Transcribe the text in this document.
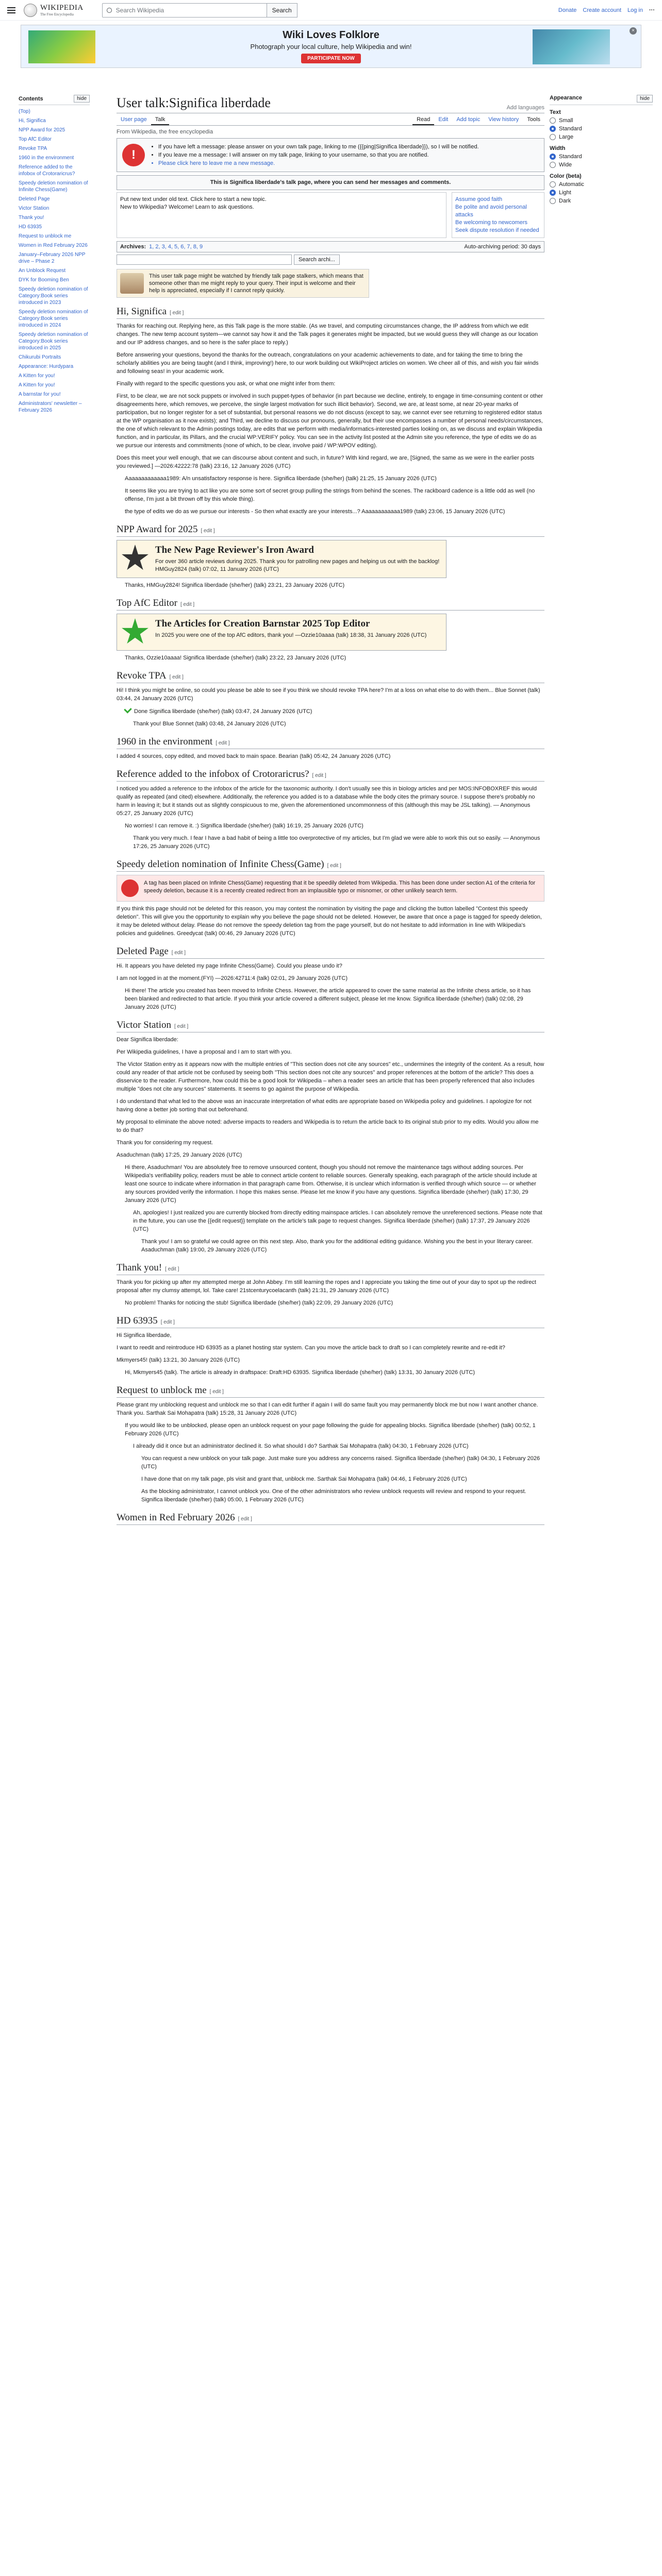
WIKIPEDIA
The Free Encyclopedia
Search Wikipedia	Search	Donate Create account Log in ···
Wiki Loves Folklore

Photograph your local culture, help Wikipedia and win!

PARTICIPATE NOW
×
Contents	hide
(Top)
Hi, Significa
NPP Award for 2025
Top AfC Editor
Revoke TPA
1960 in the environment
Reference added to the infobox of Crotoraricrus?
Speedy deletion nomination of Infinite Chess(Game)
Deleted Page
Victor Station
Thank you!
HD 63935
Request to unblock me
Women in Red February 2026
January–February 2026 NPP drive – Phase 2
An Unblock Request
DYK for Booming Ben
Speedy deletion nomination of Category:Book series introduced in 2023
Speedy deletion nomination of Category:Book series introduced in 2024
Speedy deletion nomination of Category:Book series introduced in 2025
Chikurubi Portraits
Appearance: Hurdypara
A Kitten for you!
A Kitten for you!
A barnstar for you!
Administrators' newsletter – February 2026
Appearance	hide
Text
Small
Standard
Large
Width
Standard
Wide
Color (beta)
Automatic
Light
Dark
User talk:Significa liberdade	Add languages
User page	Talk	Read	Edit	Add topic	View history	Tools
From Wikipedia, the free encyclopedia
!
• If you have left a message: please answer on your own talk page, linking to me ({{ping|Significa liberdade}}), so I will be notified.
• If you leave me a message: I will answer on my talk page, linking to your username, so that you are notified.
• Please click here to leave me a new message.
This is Significa liberdade's talk page, where you can send her messages and comments.
Put new text under old text. Click here to start a new topic.
New to Wikipedia? Welcome! Learn to ask questions.
Assume good faith
Be polite and avoid personal attacks
Be welcoming to newcomers
Seek dispute resolution if needed
Archives: 1, 2, 3, 4, 5, 6, 7, 8, 9	Auto-archiving period: 30 days
Search archi...
This user talk page might be watched by friendly talk page stalkers, which means that someone other than me might reply to your query. Their input is welcome and their help is appreciated, especially if I cannot reply quickly.
Hi, Significa [ edit ]

Thanks for reaching out. Replying here, as this Talk page is the more stable. (As we travel, and computing circumstances change, the IP address from which we edit changes. The new temp account system—we cannot say how it and the Talk pages it generates might be impacted, but we would guess they will change as our location and our IP address changes, and so here is the safer place to reply.)

Before answering your questions, beyond the thanks for the outreach, congratulations on your academic achievements to date, and for taking the time to bring the scholarly abilities you are being taught (and I think, improving!) here, to our work building out WikiProject articles on women. We cheer all of this, and wish you fair winds and following seas! in your academic work.

Finally with regard to the specific questions you ask, or what one might infer from them:

First, to be clear, we are not sock puppets or involved in such puppet-types of behavior (in part because we decline, entirely, to engage in time-consuming content or other disagreements here, which removes, we perceive, the single largest motivation for such illicit behavior). Second, we are, at least some, at near 20-year marks of participation, but no longer register for a set of substantial, but personal reasons we do not discuss (except to say, we cannot ever see returning to registered editor status at the WP organisation as it now exists); and Third, we decline to discuss our pronouns, generally, but their use encompasses a number of personal needs/circumstances, the one of which relevant to the Admin postings today, are edits that we perform with media/informatics-interested parties looking on, as we discuss and explain Wikipedia function, and in particular, its Pillars, and the crucial WP:VERIFY policy. You can see in the activity list posted at the Admin site you reference, the type of edits we do as we pursue our interests and commitments (none of which, to be clear, involve paid / WP:WPOV editing).

Does this meet your well enough, that we can discourse about content and such, in future? With kind regard, we are, [Signed, the same as we were in the earlier posts you reviewed.] —2026:42222:78 (talk) 23:16, 12 January 2026 (UTC)

Aaaaaaaaaaaaa1989: A/n unsatisfactory response is here. Significa liberdade (she/her) (talk) 21:25, 15 January 2026 (UTC)

It seems like you are trying to act like you are some sort of secret group pulling the strings from behind the scenes. The rackboard cadence is a little odd as well (no offense, I'm just a bit thrown off by this whole thing).

the type of edits we do as we pursue our interests - So then what exactly are your interests...? Aaaaaaaaaaaa1989 (talk) 23:06, 15 January 2026 (UTC)

NPP Award for 2025 [ edit ]
The New Page Reviewer's Iron Award

For over 360 article reviews during 2025. Thank you for patrolling new pages and helping us out with the backlog! HMGuy2824 (talk) 07:02, 11 January 2026 (UTC)

Thanks, HMGuy2824! Significa liberdade (she/her) (talk) 23:21, 23 January 2026 (UTC)

Top AfC Editor [ edit ]
The Articles for Creation Barnstar 2025 Top Editor

In 2025 you were one of the top AfC editors, thank you! —Ozzie10aaaa (talk) 18:38, 31 January 2026 (UTC)

Thanks, Ozzie10aaaa! Significa liberdade (she/her) (talk) 23:22, 23 January 2026 (UTC)

Revoke TPA [ edit ]

Hi! I think you might be online, so could you please be able to see if you think we should revoke TPA here? I'm at a loss on what else to do with them... Blue Sonnet (talk) 03:44, 24 January 2026 (UTC)

Done Significa liberdade (she/her) (talk) 03:47, 24 January 2026 (UTC)

Thank you! Blue Sonnet (talk) 03:48, 24 January 2026 (UTC)

1960 in the environment [ edit ]

I added 4 sources, copy edited, and moved back to main space. Bearian (talk) 05:42, 24 January 2026 (UTC)

Reference added to the infobox of Crotoraricrus? [ edit ]

I noticed you added a reference to the infobox of the article for the taxonomic authority. I don't usually see this in biology articles and per MOS:INFOBOXREF this would qualify as repeated (and cited) elsewhere. Additionally, the reference you added is to a database while the body cites the primary source. I suppose there's probably no harm in leaving it; but it stands out as slightly conspicuous to me, given the aforementioned uncommonness of this (although this may be JSL talking). — Anonymous 05:27, 25 January 2026 (UTC)

No worries! I can remove it. :) Significa liberdade (she/her) (talk) 16:19, 25 January 2026 (UTC)

Thank you very much. I fear I have a bad habit of being a little too overprotective of my articles, but I'm glad we were able to work this out so easily. — Anonymous 17:26, 25 January 2026 (UTC)

Speedy deletion nomination of Infinite Chess(Game) [ edit ]
A tag has been placed on Infinite Chess(Game) requesting that it be speedily deleted from Wikipedia. This has been done under section A1 of the criteria for speedy deletion, because it is a recently created redirect from an implausible typo or misnomer, or other unlikely search term.

If you think this page should not be deleted for this reason, you may contest the nomination by visiting the page and clicking the button labelled "Contest this speedy deletion". This will give you the opportunity to explain why you believe the page should not be deleted. However, be aware that once a page is tagged for speedy deletion, it may be deleted without delay. Please do not remove the speedy deletion tag from the page yourself, but do not hesitate to add information in line with Wikipedia's policies and guidelines. Greedycat (talk) 00:46, 29 January 2026 (UTC)

Deleted Page [ edit ]

Hi. It appears you have deleted my page Infinite Chess(Game). Could you please undo it?

I am not logged in at the moment.(FYI) —2026:42711:4 (talk) 02:01, 29 January 2026 (UTC)

Hi there! The article you created has been moved to Infinite Chess. However, the article appeared to cover the same material as the Infinite chess article, so it has been blanked and redirected to that article. If you think your article covered a different subject, please let me know. Significa liberdade (she/her) (talk) 02:08, 29 January 2026 (UTC)

Victor Station [ edit ]

Dear Significa liberdade:

Per Wikipedia guidelines, I have a proposal and I am to start with you.

The Victor Station entry as it appears now with the multiple entries of "This section does not cite any sources" etc., undermines the integrity of the content. As a result, how could any reader of that article not be confused by seeing both "This section does not cite any sources" and proper references at the bottom of the article? This does a disservice to the reader. Furthermore, how could this be a good look for Wikipedia – when a reader sees an article that has been properly referenced that also includes multiple "does not cite any sources" statements. It seems to go against the purpose of Wikipedia.

I do understand that what led to the above was an inaccurate interpretation of what edits are appropriate based on Wikipedia policy and guidelines. I apologize for not having done a better job sorting that out beforehand.

My proposal to eliminate the above noted: adverse impacts to readers and Wikipedia is to return the article back to its original stub prior to my edits. Would you allow me to do that?

Thank you for considering my request.

Asaduchman (talk) 17:25, 29 January 2026 (UTC)

Hi there, Asaduchman! You are absolutely free to remove unsourced content, though you should not remove the maintenance tags without adding sources. Per Wikipedia's verifiability policy, readers must be able to connect article content to reliable sources. Generally speaking, each paragraph of the article should include at least one source to indicate where information in that paragraph came from. Otherwise, it is unclear which information is verified through which source — or whether any sources provided verify the information. I hope this makes sense. Please let me know if you have any questions. Significa liberdade (she/her) (talk) 17:30, 29 January 2026 (UTC)

Ah, apologies! I just realized you are currently blocked from directly editing mainspace articles. I can absolutely remove the unreferenced sections. Please note that in the future, you can use the {{edit request}} template on the article's talk page to request changes. Significa liberdade (she/her) (talk) 17:37, 29 January 2026 (UTC)

Thank you! I am so grateful we could agree on this next step. Also, thank you for the additional editing guidance. Wishing you the best in your literary career. Asaduchman (talk) 19:00, 29 January 2026 (UTC)

Thank you! [ edit ]

Thank you for picking up after my attempted merge at John Abbey. I'm still learning the ropes and I appreciate you taking the time out of your day to spot up the redirect proposal after my clumsy attempt, lol. Take care! 21stcenturycoelacanth (talk) 21:31, 29 January 2026 (UTC)

No problem! Thanks for noticing the stub! Significa liberdade (she/her) (talk) 22:09, 29 January 2026 (UTC)

HD 63935 [ edit ]

Hi Significa liberdade,

I want to reedit and reintroduce HD 63935 as a planet hosting star system. Can you move the article back to draft so I can completely rewrite and re-edit it?

Mkmyers45! (talk) 13:21, 30 January 2026 (UTC)

Hi, Mkmyers45 (talk). The article is already in draftspace: Draft:HD 63935. Significa liberdade (she/her) (talk) 13:31, 30 January 2026 (UTC)

Request to unblock me [ edit ]

Please grant my unblocking request and unblock me so that I can edit further if again I will do same fault you may permanently block me but now I want another chance. Thank you. Sarthak Sai Mohapatra (talk) 15:28, 31 January 2026 (UTC)

If you would like to be unblocked, please open an unblock request on your page following the guide for appealing blocks. Significa liberdade (she/her) (talk) 00:52, 1 February 2026 (UTC)

I already did it once but an administrator declined it. So what should I do? Sarthak Sai Mohapatra (talk) 04:30, 1 February 2026 (UTC)

You can request a new unblock on your talk page. Just make sure you address any concerns raised. Significa liberdade (she/her) (talk) 04:30, 1 February 2026 (UTC)

I have done that on my talk page, pls visit and grant that, unblock me. Sarthak Sai Mohapatra (talk) 04:46, 1 February 2026 (UTC)

As the blocking administrator, I cannot unblock you. One of the other administrators who review unblock requests will review and respond to your request. Significa liberdade (she/her) (talk) 05:00, 1 February 2026 (UTC)

Women in Red February 2026 [ edit ]
